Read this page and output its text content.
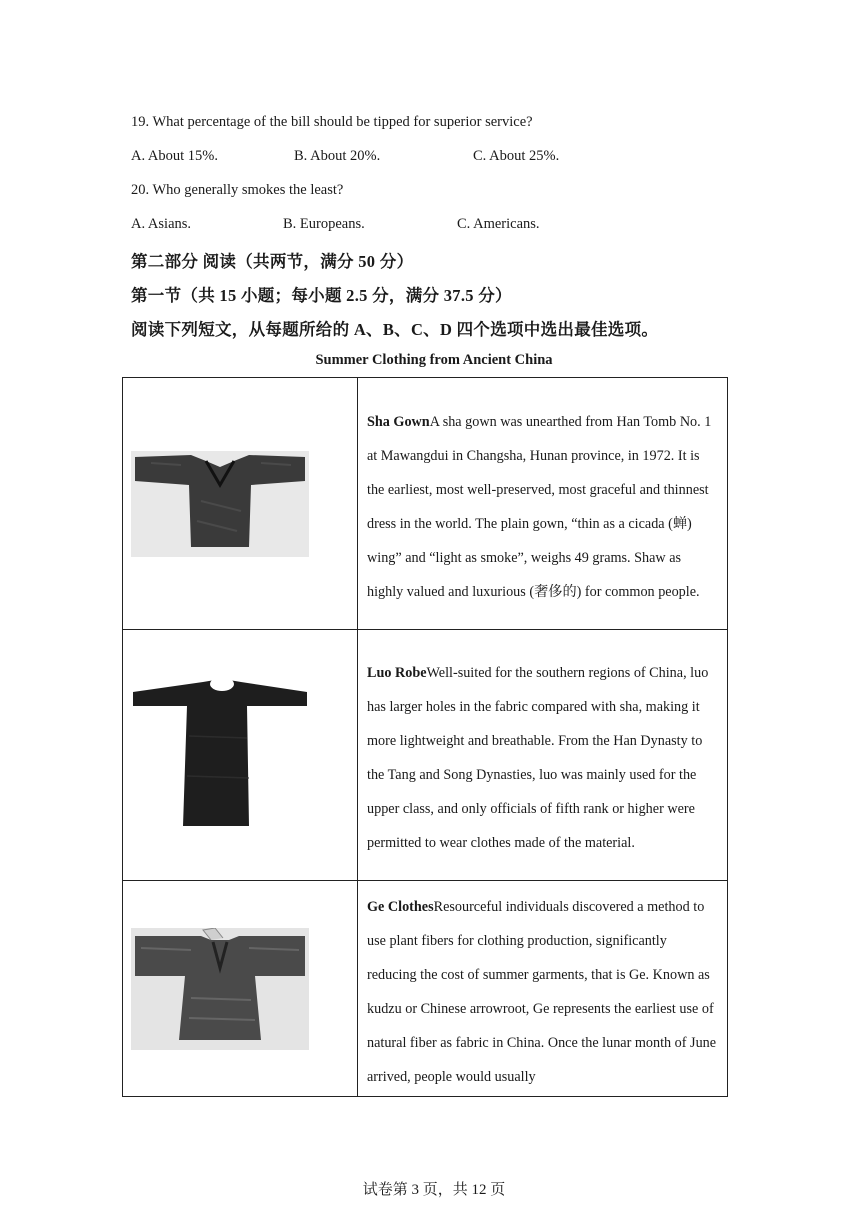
19. What percentage of the bill should be tipped for superior service?
A. About 15%.	B. About 20%.	C. About 25%.
20. Who generally smokes the least?
A. Asians.	B. Europeans.	C. Americans.
第二部分 阅读（共两节，满分 50 分）
第一节（共 15 小题；每小题 2.5 分，满分 37.5 分）
阅读下列短文，从每题所给的 A、B、C、D 四个选项中选出最佳选项。
Summer Clothing from Ancient China
	Sha GownA sha gown was unearthed from Han Tomb No. 1 at Mawangdui in Changsha, Hunan province, in 1972. It is the earliest, most well-preserved, most graceful and thinnest dress in the world. The plain gown, “thin as a cicada (蝉) wing” and “light as smoke”, weighs 49 grams. Shaw as highly valued and luxurious (奢侈的) for common people.

	Luo RobeWell-suited for the southern regions of China, luo has larger holes in the fabric compared with sha, making it more lightweight and breathable. From the Han Dynasty to the Tang and Song Dynasties, luo was mainly used for the upper class, and only officials of fifth rank or higher were permitted to wear clothes made of the material.

	Ge ClothesResourceful individuals discovered a method to use plant fibers for clothing production, significantly reducing the cost of summer garments, that is Ge. Known as kudzu or Chinese arrowroot, Ge represents the earliest use of natural fiber as fabric in China. Once the lunar month of June arrived, people would usually
试卷第 3 页，共 12 页
